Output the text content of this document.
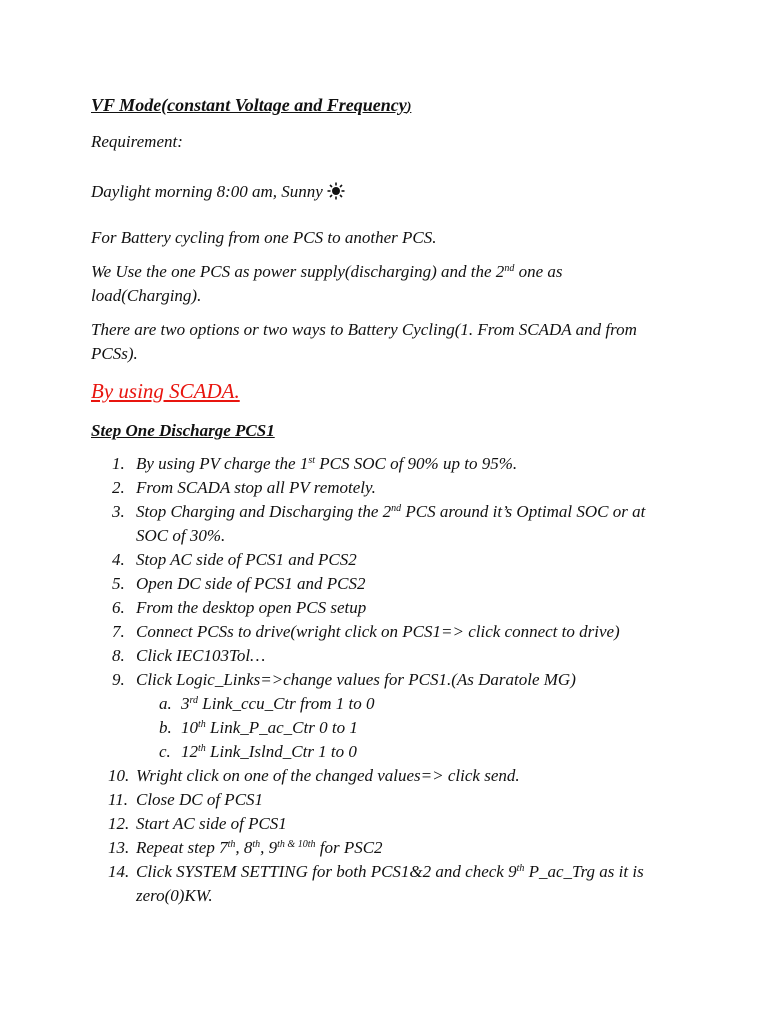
VF Mode(constant Voltage and Frequency)
Requirement:
Daylight morning 8:00 am, Sunny
For Battery cycling from one PCS to another PCS.
We Use the one PCS as power supply(discharging) and the 2nd one as
load(Charging).
There are two options or two ways to Battery Cycling(1. From SCADA and from
PCSs).
By using SCADA.
Step One Discharge PCS1
1. By using PV charge the 1st PCS SOC of 90% up to 95%.
2. From SCADA stop all PV remotely.
3. Stop Charging and Discharging the 2nd PCS around it’s Optimal SOC or at
SOC of 30%.
4. Stop AC side of PCS1 and PCS2
5. Open DC side of PCS1 and PCS2
6. From the desktop open PCS setup
7. Connect PCSs to drive(wright click on PCS1=> click connect to drive)
8. Click IEC103Tol…
9. Click Logic_Links=>change values for PCS1.(As Daratole MG)
a. 3rd Link_ccu_Ctr from 1 to 0
b. 10th Link_P_ac_Ctr 0 to 1
c. 12th Link_Islnd_Ctr 1 to 0
10. Wright click on one of the changed values=> click send.
11. Close DC of PCS1
12. Start AC side of PCS1
13. Repeat step 7th, 8th, $9^{th \& 10th}$ for PSC2
14. Click SYSTEM SETTING for both PCS1&2 and check 9th P_ac_Trg as it is
zero(0)KW.
